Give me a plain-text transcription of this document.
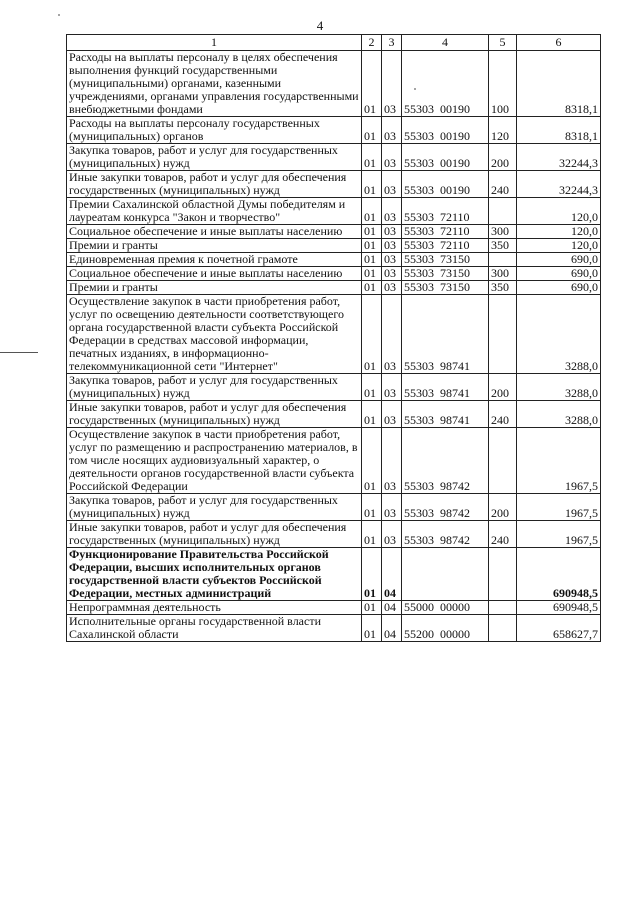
4
1	2	3	4	5	6
Расходы на выплаты персоналу в целях обеспечения выполнения функций государственными (муниципальными) органами, казенными учреждениями, органами управления государственными внебюджетными фондами	01	03	55303 00190	100	8318,1
Расходы на выплаты персоналу государственных (муниципальных) органов	01	03	55303 00190	120	8318,1
Закупка товаров, работ и услуг для государственных (муниципальных) нужд	01	03	55303 00190	200	32244,3
Иные закупки товаров, работ и услуг для обеспечения государственных (муниципальных) нужд	01	03	55303 00190	240	32244,3
Премии Сахалинской областной Думы победителям и лауреатам конкурса "Закон и творчество"	01	03	55303 72110		120,0
Социальное обеспечение и иные выплаты населению	01	03	55303 72110	300	120,0
Премии и гранты	01	03	55303 72110	350	120,0
Единовременная премия к почетной грамоте	01	03	55303 73150		690,0
Социальное обеспечение и иные выплаты населению	01	03	55303 73150	300	690,0
Премии и гранты	01	03	55303 73150	350	690,0
Осуществление закупок в части приобретения работ, услуг по освещению деятельности соответствующего органа государственной власти субъекта Российской Федерации в средствах массовой информации, печатных изданиях, в информационно-телекоммуникационной сети "Интернет"	01	03	55303 98741		3288,0
Закупка товаров, работ и услуг для государственных (муниципальных) нужд	01	03	55303 98741	200	3288,0
Иные закупки товаров, работ и услуг для обеспечения государственных (муниципальных) нужд	01	03	55303 98741	240	3288,0
Осуществление закупок в части приобретения работ, услуг по размещению и распространению материалов, в том числе носящих аудиовизуальный характер, о деятельности органов государственной власти субъекта Российской Федерации	01	03	55303 98742		1967,5
Закупка товаров, работ и услуг для государственных (муниципальных) нужд	01	03	55303 98742	200	1967,5
Иные закупки товаров, работ и услуг для обеспечения государственных (муниципальных) нужд	01	03	55303 98742	240	1967,5
Функционирование Правительства Российской Федерации, высших исполнительных органов государственной власти субъектов Российской Федерации, местных администраций	01	04			690948,5
Непрограммная деятельность	01	04	55000 00000		690948,5
Исполнительные органы государственной власти Сахалинской области	01	04	55200 00000		658627,7
